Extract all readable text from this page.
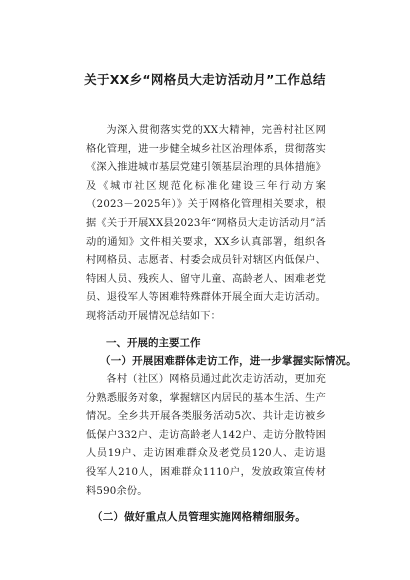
关于XX乡“网格员大走访活动月”工作总结
为深入贯彻落实党的XX大精神，完善村社区网格化管理，进一步健全城乡社区治理体系，贯彻落实《深入推进城市基层党建引领基层治理的具体措施》及《城市社区规范化标准化建设三年行动方案（2023－2025年）》关于网格化管理相关要求，根据《关于开展XX县2023年“网格员大走访活动月”活动的通知》文件相关要求，XX乡认真部署，组织各村网格员、志愿者、村委会成员针对辖区内低保户、特困人员、残疾人、留守儿童、高龄老人、困难老党员、退役军人等困难特殊群体开展全面大走访活动。现将活动开展情况总结如下：
一、开展的主要工作
（一）开展困难群体走访工作，进一步掌握实际情况。
各村（社区）网格员通过此次走访活动，更加充分熟悉服务对象，掌握辖区内居民的基本生活、生产情况。全乡共开展各类服务活动5次、共计走访被乡低保户332户、走访高龄老人142户、走访分散特困人员19户、走访困难群众及老党员120人、走访退役军人210人，困难群众1110户，发放政策宣传材料590余份。
（二）做好重点人员管理实施网格精细服务。
